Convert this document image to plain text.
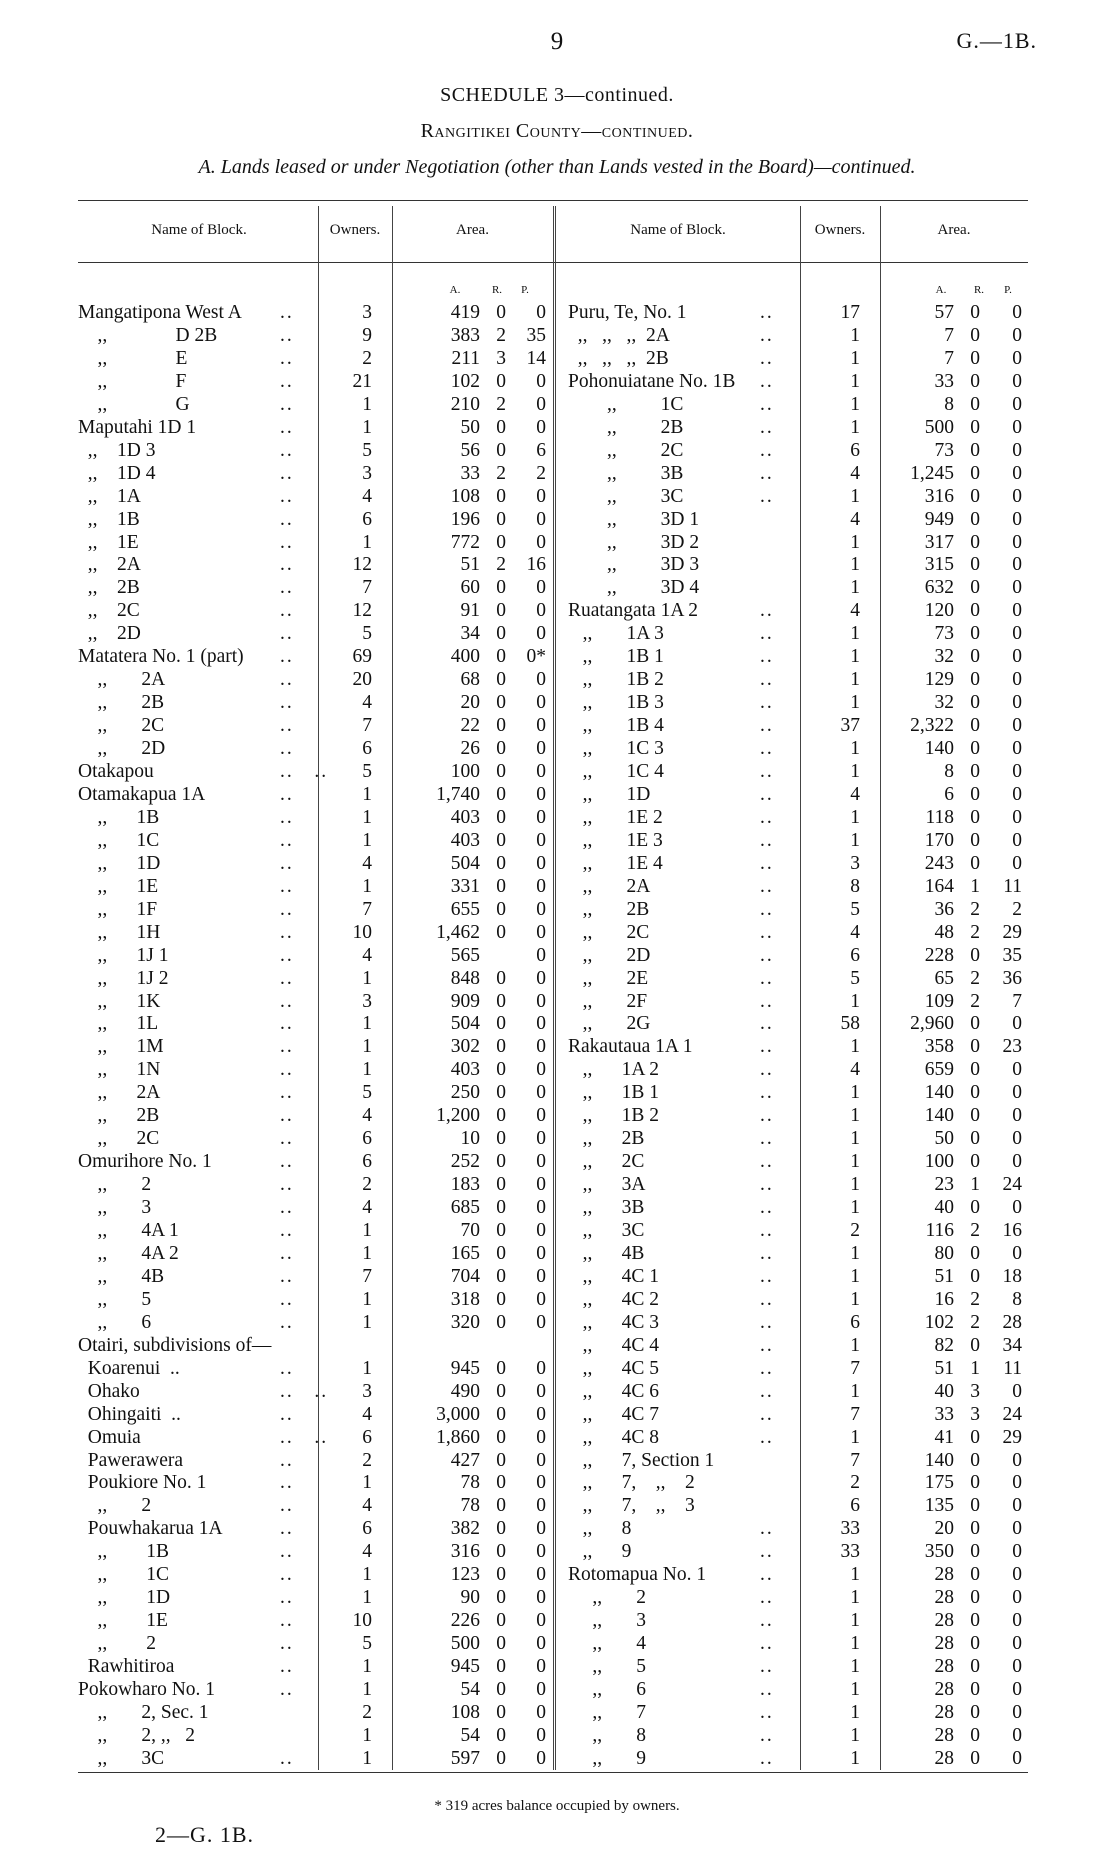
9	G.—1B.
SCHEDULE 3—continued.
Rangitikei County—continued.
A. Lands leased or under Negotiation (other than Lands vested in the Board)—continued.
Name of Block.	Owners.	Area.	Name of Block.	Owners.	Area.
A.	R.	P.	A.	R.	P.
Mangatipona West A ..	3	419 0	0
,,              D 2B	..	9	383 2	35
,,              E	..	2	211 3	14
,,              F	..	21	102 0	0
,,              G	..	1	210 2	0
Maputahi 1D 1	..	1	50 0	0
,,    1D 3	..	5	56 0	6
,,    1D 4	..	3	33 2	2
,,    1A	..	4	108 0	0
,,    1B	..	6	196 0	0
,,    1E	..	1	772 0	0
,,    2A	..	12	51 2	16
,,    2B	..	7	60 0	0
,,    2C	..	12	91 0	0
,,    2D	..	5	34 0	0
Matatera No. 1 (part) ..	69	400 0	0*
,,       2A	..	20	68 0	0
,,       2B	..	4	20 0	0
,,       2C	..	7	22 0	0
,,       2D	..	6	26 0	0
Otakapou	..   ..	5	100 0	0
Otamakapua 1A	..	1	1,740 0	0
,,      1B	..	1	403 0	0
,,      1C	..	1	403 0	0
,,      1D	..	4	504 0	0
,,      1E	..	1	331 0	0
,,      1F	..	7	655 0	0
,,      1H	..	10	1,462 0	0
,,      1J 1	..	4	565	0
,,      1J 2	..	1	848 0	0
,,      1K	..	3	909 0	0
,,      1L	..	1	504 0	0
,,      1M	..	1	302 0	0
,,      1N	..	1	403 0	0
,,      2A	..	5	250 0	0
,,      2B	..	4	1,200 0	0
,,      2C	..	6	10 0	0
Omurihore No. 1	..	6	252 0	0
,,       2	..	2	183 0	0
,,       3	..	4	685 0	0
,,       4A 1	..	1	70 0	0
,,       4A 2	..	1	165 0	0
,,       4B	..	7	704 0	0
,,       5	..	1	318 0	0
,,       6	..	1	320 0	0
Otairi, subdivisions of—
Koarenui  ..	..	1	945 0	0
Ohako	..   ..	3	490 0	0
Ohingaiti  ..	..	4	3,000 0	0
Omuia	..   ..	6	1,860 0	0
Pawerawera	..	2	427 0	0
Poukiore No. 1	..	1	78 0	0
,,       2	..	4	78 0	0
Pouwhakarua 1A	..	6	382 0	0
,,        1B	..	4	316 0	0
,,        1C	..	1	123 0	0
,,        1D	..	1	90 0	0
,,        1E	..	10	226 0	0
,,        2	..	5	500 0	0
Rawhitiroa	..	1	945 0	0
Pokowharo No. 1	..	1	54 0	0
,,       2, Sec. 1	2	108 0	0
,,       2, ,,   2	1	54 0	0
,,       3C	..	1	597 0	0
Puru, Te, No. 1	..	17	57 0	0
,,   ,,   ,,  2A	..	1	7 0	0
,,   ,,   ,,  2B	..	1	7 0	0
Pohonuiatane No. 1B ..	1	33 0	0
,,         1C	..	1	8 0	0
,,         2B	..	1	500 0	0
,,         2C	..	6	73 0	0
,,         3B	..	4	1,245 0	0
,,         3C	..	1	316 0	0
,,         3D 1	4	949 0	0
,,         3D 2	1	317 0	0
,,         3D 3	1	315 0	0
,,         3D 4	1	632 0	0
Ruatangata 1A 2	..	4	120 0	0
,,       1A 3	..	1	73 0	0
,,       1B 1	..	1	32 0	0
,,       1B 2	..	1	129 0	0
,,       1B 3	..	1	32 0	0
,,       1B 4	..	37	2,322 0	0
,,       1C 3	..	1	140 0	0
,,       1C 4	..	1	8 0	0
,,       1D	..	4	6 0	0
,,       1E 2	..	1	118 0	0
,,       1E 3	..	1	170 0	0
,,       1E 4	..	3	243 0	0
,,       2A	..	8	164 1	11
,,       2B	..	5	36 2	2
,,       2C	..	4	48 2	29
,,       2D	..	6	228 0	35
,,       2E	..	5	65 2	36
,,       2F	..	1	109 2	7
,,       2G	..	58	2,960 0	0
Rakautaua 1A 1	..	1	358 0	23
,,      1A 2	..	4	659 0	0
,,      1B 1	..	1	140 0	0
,,      1B 2	..	1	140 0	0
,,      2B	..	1	50 0	0
,,      2C	..	1	100 0	0
,,      3A	..	1	23 1	24
,,      3B	..	1	40 0	0
,,      3C	..	2	116 2	16
,,      4B	..	1	80 0	0
,,      4C 1	..	1	51 0	18
,,      4C 2	..	1	16 2	8
,,      4C 3	..	6	102 2	28
,,      4C 4	..	1	82 0	34
,,      4C 5	..	7	51 1	11
,,      4C 6	..	1	40 3	0
,,      4C 7	..	7	33 3	24
,,      4C 8	..	1	41 0	29
,,      7, Section 1	7	140 0	0
,,      7,    ,,    2	2	175 0	0
,,      7,    ,,    3	6	135 0	0
,,      8	..	33	20 0	0
,,      9	..	33	350 0	0
Rotomapua No. 1	..	1	28 0	0
,,       2	..	1	28 0	0
,,       3	..	1	28 0	0
,,       4	..	1	28 0	0
,,       5	..	1	28 0	0
,,       6	..	1	28 0	0
,,       7	..	1	28 0	0
,,       8	..	1	28 0	0
,,       9	..	1	28 0	0
* 319 acres balance occupied by owners.
2—G. 1B.
